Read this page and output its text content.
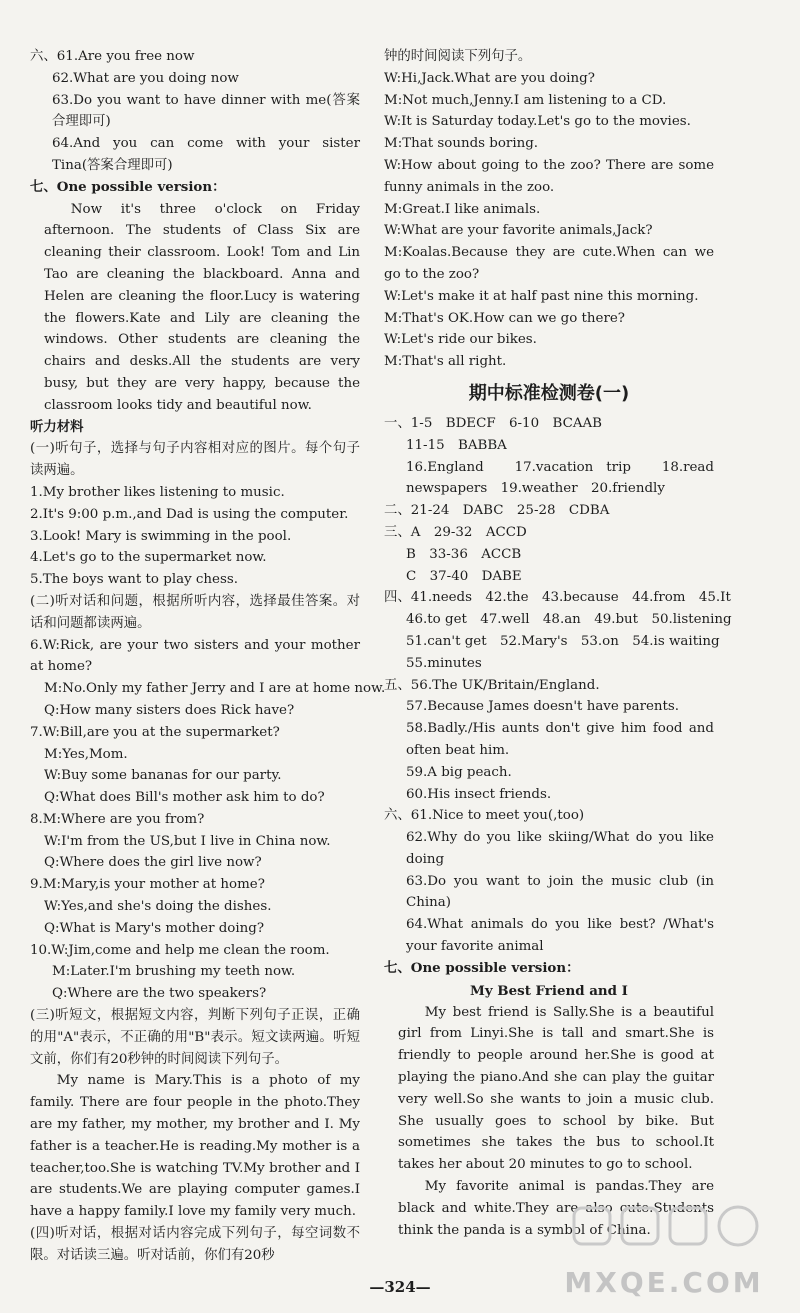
六、61.Are you free now
62.What are you doing now
63.Do you want to have dinner with me(答案合理即可)
64.And you can come with your sister Tina(答案合理即可)
七、One possible version：
Now it's three o'clock on Friday afternoon. The students of Class Six are cleaning their classroom. Look! Tom and Lin Tao are cleaning the blackboard. Anna and Helen are cleaning the floor.Lucy is watering the flowers.Kate and Lily are cleaning the windows. Other students are cleaning the chairs and desks.All the students are very busy, but they are very happy, because the classroom looks tidy and beautiful now.
听力材料
(一)听句子，选择与句子内容相对应的图片。每个句子读两遍。
1.My brother likes listening to music.
2.It's 9:00 p.m.,and Dad is using the computer.
3.Look! Mary is swimming in the pool.
4.Let's go to the supermarket now.
5.The boys want to play chess.
(二)听对话和问题，根据所听内容，选择最佳答案。对话和问题都读两遍。
6.W:Rick, are your two sisters and your mother at home?
M:No.Only my father Jerry and I are at home now.
Q:How many sisters does Rick have?
7.W:Bill,are you at the supermarket?
M:Yes,Mom.
W:Buy some bananas for our party.
Q:What does Bill's mother ask him to do?
8.M:Where are you from?
W:I'm from the US,but I live in China now.
Q:Where does the girl live now?
9.M:Mary,is your mother at home?
W:Yes,and she's doing the dishes.
Q:What is Mary's mother doing?
10.W:Jim,come and help me clean the room.
M:Later.I'm brushing my teeth now.
Q:Where are the two speakers?
(三)听短文，根据短文内容，判断下列句子正误，正确的用"A"表示，不正确的用"B"表示。短文读两遍。听短文前，你们有20秒钟的时间阅读下列句子。
My name is Mary.This is a photo of my family. There are four people in the photo.They are my father, my mother, my brother and I. My father is a teacher.He is reading.My mother is a teacher,too.She is watching TV.My brother and I are students.We are playing computer games.I have a happy family.I love my family very much.
(四)听对话，根据对话内容完成下列句子，每空词数不限。对话读三遍。听对话前，你们有20秒
钟的时间阅读下列句子。
W:Hi,Jack.What are you doing?
M:Not much,Jenny.I am listening to a CD.
W:It is Saturday today.Let's go to the movies.
M:That sounds boring.
W:How about going to the zoo? There are some funny animals in the zoo.
M:Great.I like animals.
W:What are your favorite animals,Jack?
M:Koalas.Because they are cute.When can we go to the zoo?
W:Let's make it at half past nine this morning.
M:That's OK.How can we go there?
W:Let's ride our bikes.
M:That's all right.
期中标准检测卷(一)
一、1-5　BDECF　6-10　BCAAB
11-15　BABBA
16.England　17.vacation trip　18.read newspapers　19.weather　20.friendly
二、21-24　DABC　25-28　CDBA
三、A　29-32　ACCD
B　33-36　ACCB
C　37-40　DABE
四、41.needs　42.the　43.because　44.from　45.It
46.to get　47.well　48.an　49.but　50.listening
51.can't get　52.Mary's　53.on　54.is waiting
55.minutes
五、56.The UK/Britain/England.
57.Because James doesn't have parents.
58.Badly./His aunts don't give him food and often beat him.
59.A big peach.
60.His insect friends.
六、61.Nice to meet you(,too)
62.Why do you like skiing/What do you like doing
63.Do you want to join the music club (in China)
64.What animals do you like best? /What's your favorite animal
七、One possible version：
My Best Friend and I
My best friend is Sally.She is a beautiful girl from Linyi.She is tall and smart.She is friendly to people around her.She is good at playing the piano.And she can play the guitar very well.So she wants to join a music club. She usually goes to school by bike. But sometimes she takes the bus to school.It takes her about 20 minutes to go to school.
My favorite animal is pandas.They are black and white.They are also cute.Students think the panda is a symbol of China.
—324—	MXQE.COM
